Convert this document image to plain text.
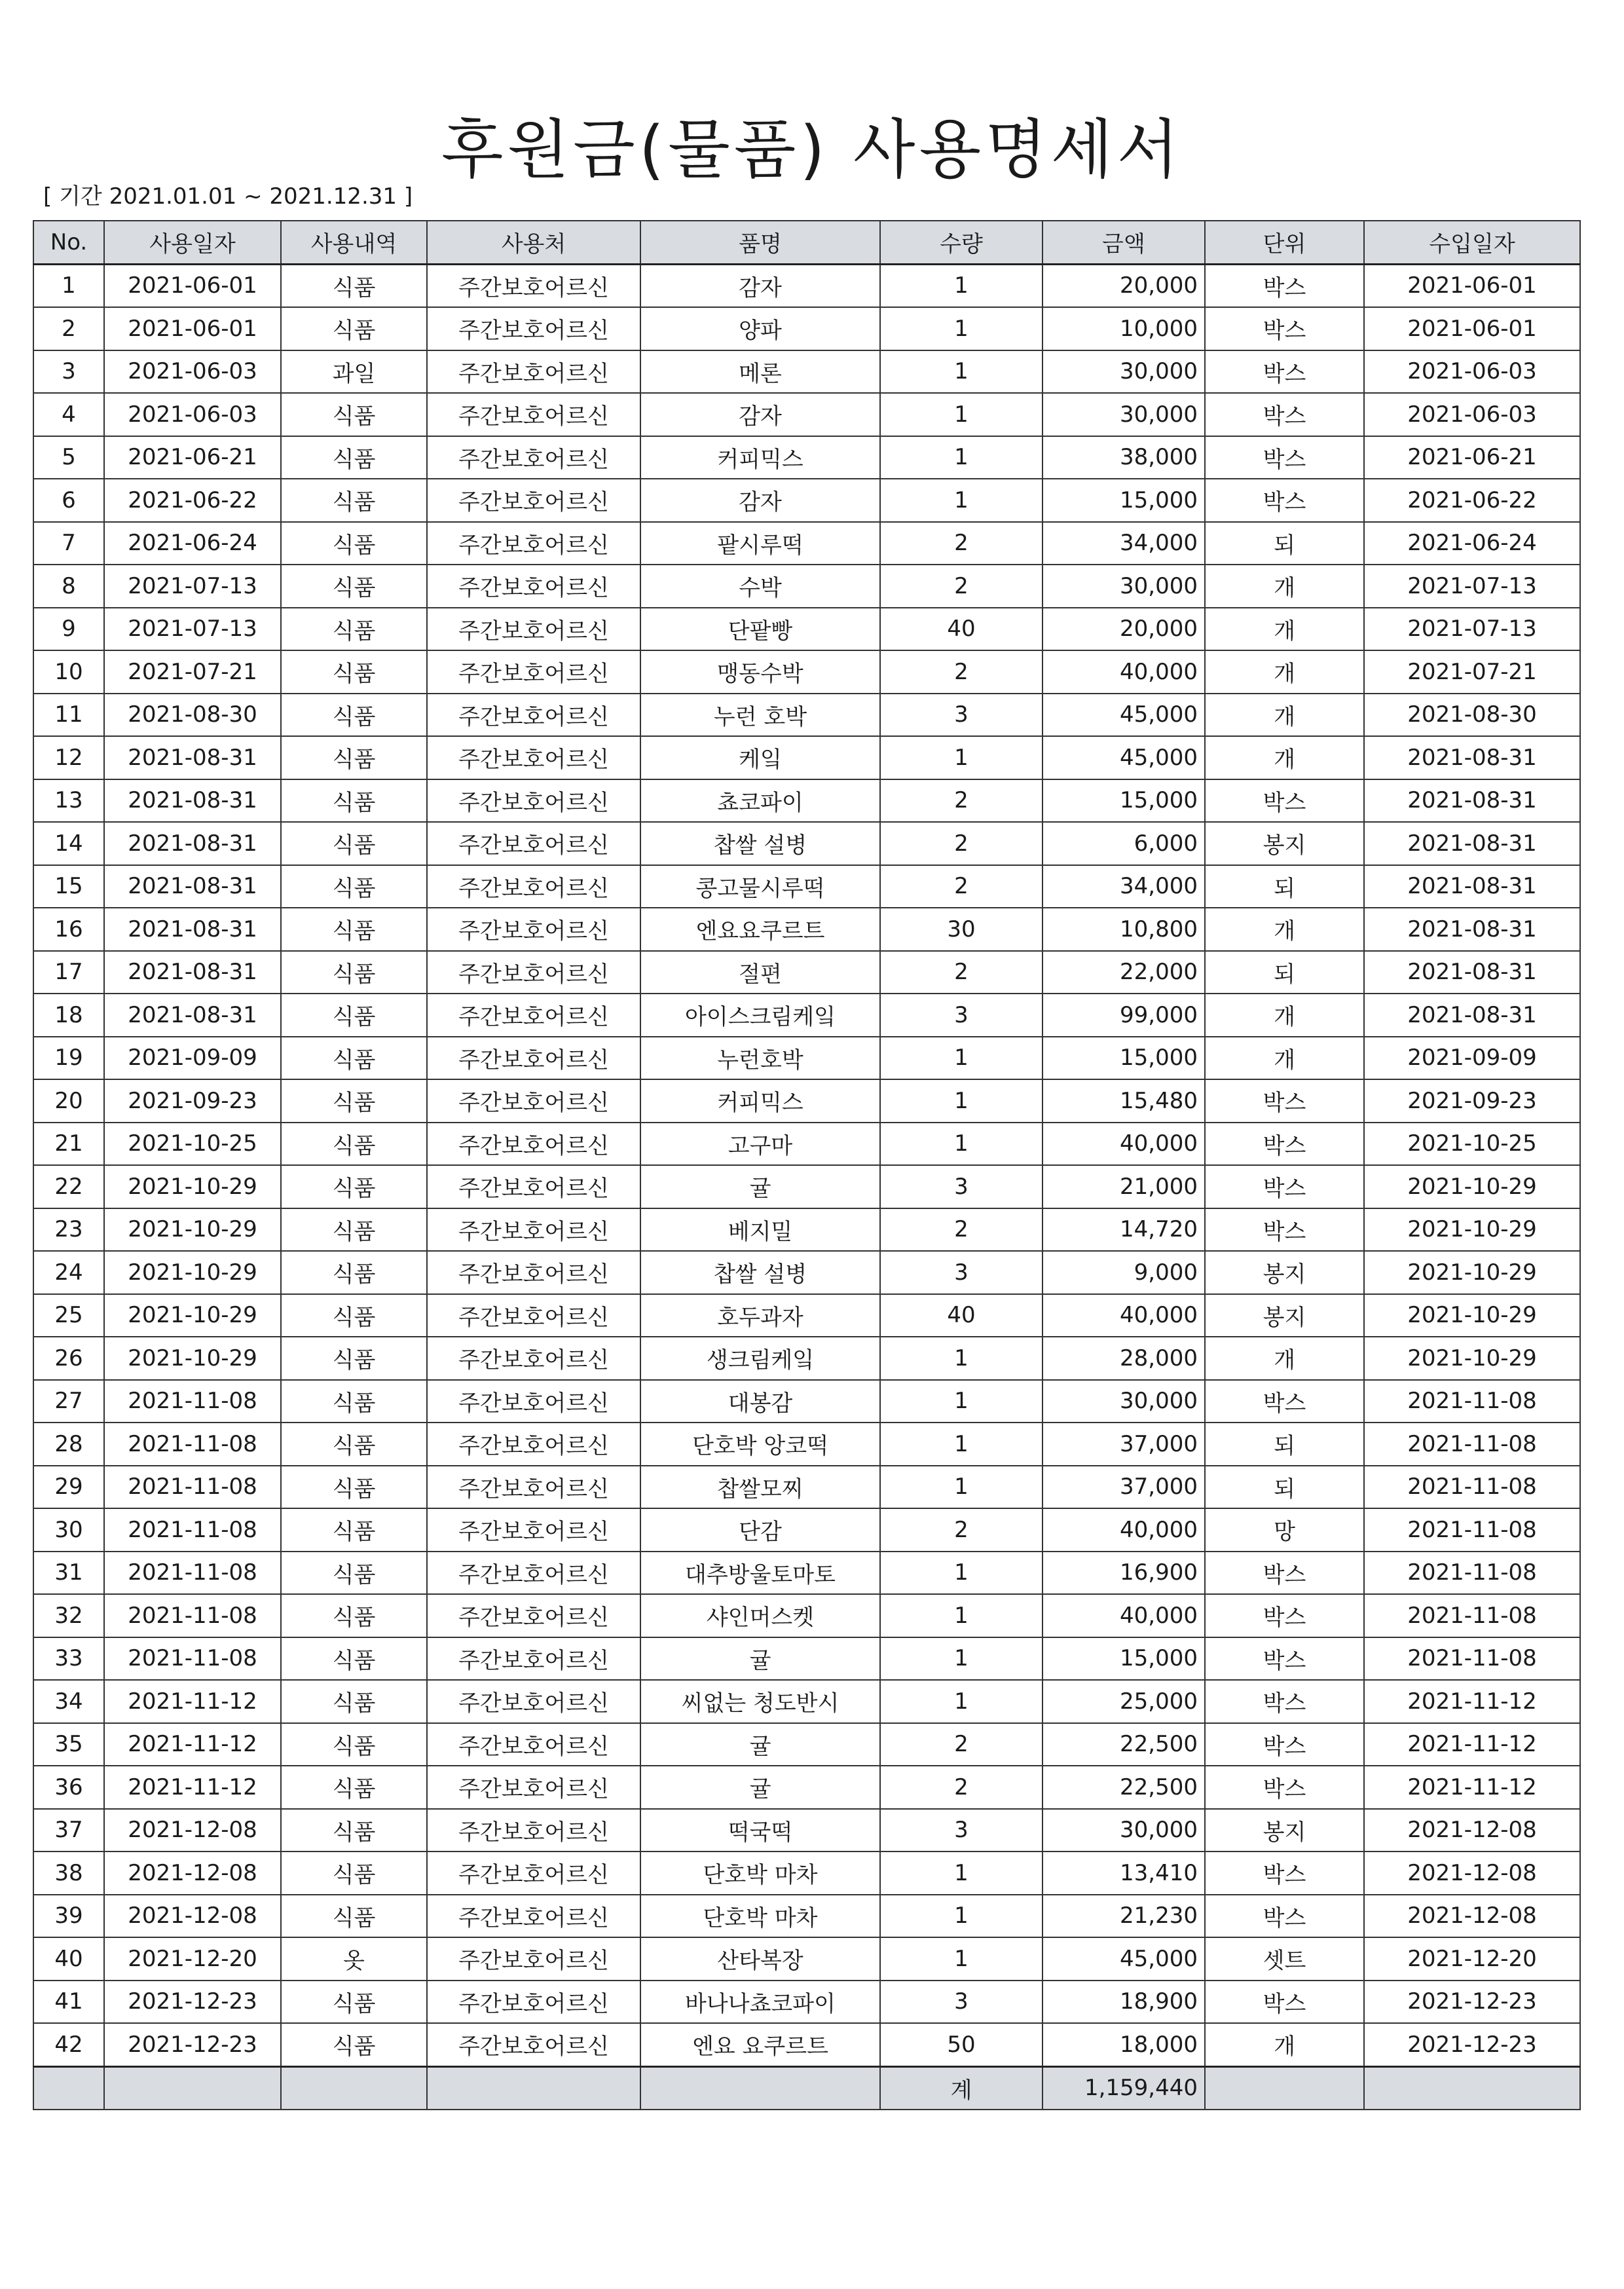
후원금(물품) 사용명세서
[ 기간 2021.01.01 ~ 2021.12.31 ]
No.	사용일자	사용내역	사용처	품명	수량	금액	단위	수입일자
1	2021-06-01	식품	주간보호어르신	감자	1	20,000	박스	2021-06-01
2	2021-06-01	식품	주간보호어르신	양파	1	10,000	박스	2021-06-01
3	2021-06-03	과일	주간보호어르신	메론	1	30,000	박스	2021-06-03
4	2021-06-03	식품	주간보호어르신	감자	1	30,000	박스	2021-06-03
5	2021-06-21	식품	주간보호어르신	커피믹스	1	38,000	박스	2021-06-21
6	2021-06-22	식품	주간보호어르신	감자	1	15,000	박스	2021-06-22
7	2021-06-24	식품	주간보호어르신	팥시루떡	2	34,000	되	2021-06-24
8	2021-07-13	식품	주간보호어르신	수박	2	30,000	개	2021-07-13
9	2021-07-13	식품	주간보호어르신	단팥빵	40	20,000	개	2021-07-13
10	2021-07-21	식품	주간보호어르신	맹동수박	2	40,000	개	2021-07-21
11	2021-08-30	식품	주간보호어르신	누런 호박	3	45,000	개	2021-08-30
12	2021-08-31	식품	주간보호어르신	케잌	1	45,000	개	2021-08-31
13	2021-08-31	식품	주간보호어르신	쵸코파이	2	15,000	박스	2021-08-31
14	2021-08-31	식품	주간보호어르신	찹쌀 설병	2	6,000	봉지	2021-08-31
15	2021-08-31	식품	주간보호어르신	콩고물시루떡	2	34,000	되	2021-08-31
16	2021-08-31	식품	주간보호어르신	엔요요쿠르트	30	10,800	개	2021-08-31
17	2021-08-31	식품	주간보호어르신	절편	2	22,000	되	2021-08-31
18	2021-08-31	식품	주간보호어르신	아이스크림케잌	3	99,000	개	2021-08-31
19	2021-09-09	식품	주간보호어르신	누런호박	1	15,000	개	2021-09-09
20	2021-09-23	식품	주간보호어르신	커피믹스	1	15,480	박스	2021-09-23
21	2021-10-25	식품	주간보호어르신	고구마	1	40,000	박스	2021-10-25
22	2021-10-29	식품	주간보호어르신	귤	3	21,000	박스	2021-10-29
23	2021-10-29	식품	주간보호어르신	베지밀	2	14,720	박스	2021-10-29
24	2021-10-29	식품	주간보호어르신	찹쌀 설병	3	9,000	봉지	2021-10-29
25	2021-10-29	식품	주간보호어르신	호두과자	40	40,000	봉지	2021-10-29
26	2021-10-29	식품	주간보호어르신	생크림케잌	1	28,000	개	2021-10-29
27	2021-11-08	식품	주간보호어르신	대봉감	1	30,000	박스	2021-11-08
28	2021-11-08	식품	주간보호어르신	단호박 앙코떡	1	37,000	되	2021-11-08
29	2021-11-08	식품	주간보호어르신	찹쌀모찌	1	37,000	되	2021-11-08
30	2021-11-08	식품	주간보호어르신	단감	2	40,000	망	2021-11-08
31	2021-11-08	식품	주간보호어르신	대추방울토마토	1	16,900	박스	2021-11-08
32	2021-11-08	식품	주간보호어르신	샤인머스켓	1	40,000	박스	2021-11-08
33	2021-11-08	식품	주간보호어르신	귤	1	15,000	박스	2021-11-08
34	2021-11-12	식품	주간보호어르신	씨없는 청도반시	1	25,000	박스	2021-11-12
35	2021-11-12	식품	주간보호어르신	귤	2	22,500	박스	2021-11-12
36	2021-11-12	식품	주간보호어르신	귤	2	22,500	박스	2021-11-12
37	2021-12-08	식품	주간보호어르신	떡국떡	3	30,000	봉지	2021-12-08
38	2021-12-08	식품	주간보호어르신	단호박 마차	1	13,410	박스	2021-12-08
39	2021-12-08	식품	주간보호어르신	단호박 마차	1	21,230	박스	2021-12-08
40	2021-12-20	옷	주간보호어르신	산타복장	1	45,000	셋트	2021-12-20
41	2021-12-23	식품	주간보호어르신	바나나쵸코파이	3	18,900	박스	2021-12-23
42	2021-12-23	식품	주간보호어르신	엔요 요쿠르트	50	18,000	개	2021-12-23
					계	1,159,440		
